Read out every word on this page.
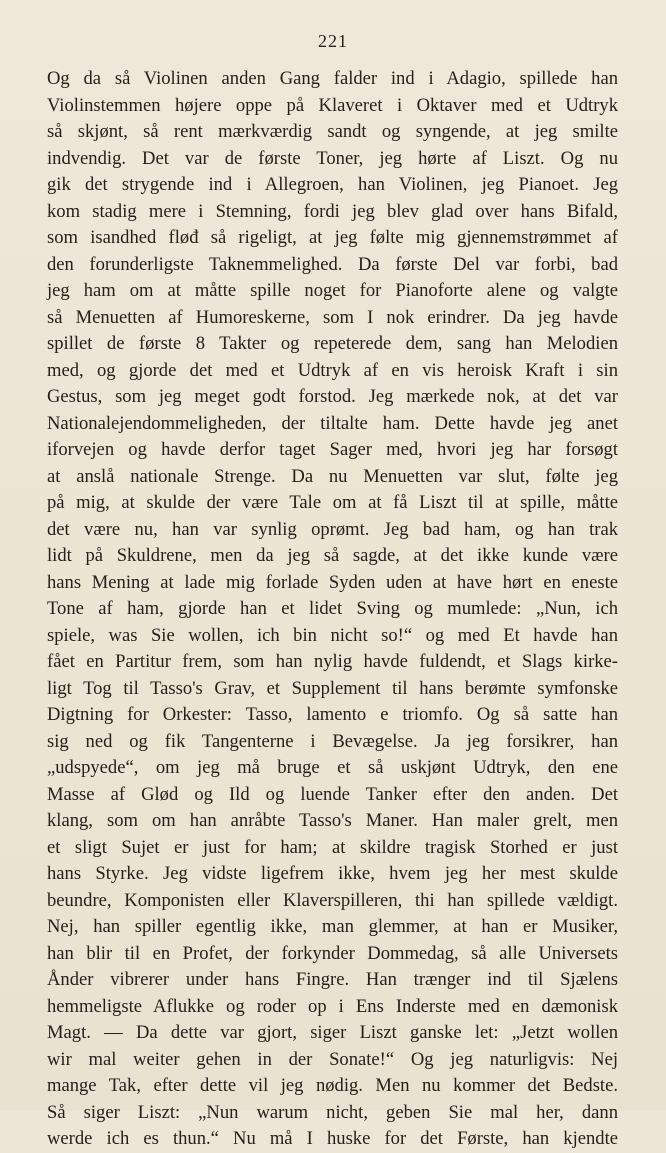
221
Og da så Violinen anden Gang falder ind i Adagio, spillede han
Violinstemmen højere oppe på Klaveret i Oktaver med et Udtryk
så skjønt, så rent mærkværdig sandt og syngende, at jeg smilte
indvendig. Det var de første Toner, jeg hørte af Liszt. Og nu
gik det strygende ind i Allegroen, han Violinen, jeg Pianoet. Jeg
kom stadig mere i Stemning, fordi jeg blev glad over hans Bifald,
som isandhed fløđ så rigeligt, at jeg følte mig gjennemstrømmet af
den forunderligste Taknemmelighed. Da første Del var forbi, bad
jeg ham om at måtte spille noget for Pianoforte alene og valgte
så Menuetten af Humoreskerne, som I nok erindrer. Da jeg havde
spillet de første 8 Takter og repeterede dem, sang han Melodien
med, og gjorde det med et Udtryk af en vis heroisk Kraft i sin
Gestus, som jeg meget godt forstod. Jeg mærkede nok, at det var
Nationalejendommeligheden, der tiltalte ham. Dette havde jeg anet
iforvejen og havde derfor taget Sager med, hvori jeg har forsøgt
at anslå nationale Strenge. Da nu Menuetten var slut, følte jeg
på mig, at skulde der være Tale om at få Liszt til at spille, måtte
det være nu, han var synlig oprømt. Jeg bad ham, og han trak
lidt på Skuldrene, men da jeg så sagde, at det ikke kunde være
hans Mening at lade mig forlade Syden uden at have hørt en eneste
Tone af ham, gjorde han et lidet Sving og mumlede: „Nun, ich
spiele, was Sie wollen, ich bin nicht so!“ og med Et havde han
fået en Partitur frem, som han nylig havde fuldendt, et Slags kirke-
ligt Tog til Tasso's Grav, et Supplement til hans berømte symfonske
Digtning for Orkester: Tasso, lamento e triomfo. Og så satte han
sig ned og fik Tangenterne i Bevægelse. Ja jeg forsikrer, han
„udspyede“, om jeg må bruge et så uskjønt Udtryk, den ene
Masse af Glød og Ild og luende Tanker efter den anden. Det
klang, som om han anråbte Tasso's Maner. Han maler grelt, men
et sligt Sujet er just for ham; at skildre tragisk Storhed er just
hans Styrke. Jeg vidste ligefrem ikke, hvem jeg her mest skulde
beundre, Komponisten eller Klaverspilleren, thi han spillede vældigt.
Nej, han spiller egentlig ikke, man glemmer, at han er Musiker,
han blir til en Profet, der forkynder Dommedag, så alle Universets
Ånder vibrerer under hans Fingre. Han trænger ind til Sjælens
hemmeligste Aflukke og roder op i Ens Inderste med en dæmonisk
Magt. — Da dette var gjort, siger Liszt ganske let: „Jetzt wollen
wir mal weiter gehen in der Sonate!“ Og jeg naturligvis: Nej
mange Tak, efter dette vil jeg nødig. Men nu kommer det Bedste.
Så siger Liszt: „Nun warum nicht, geben Sie mal her, dann
werde ich es thun.“ Nu må I huske for det Første, han kjendte
